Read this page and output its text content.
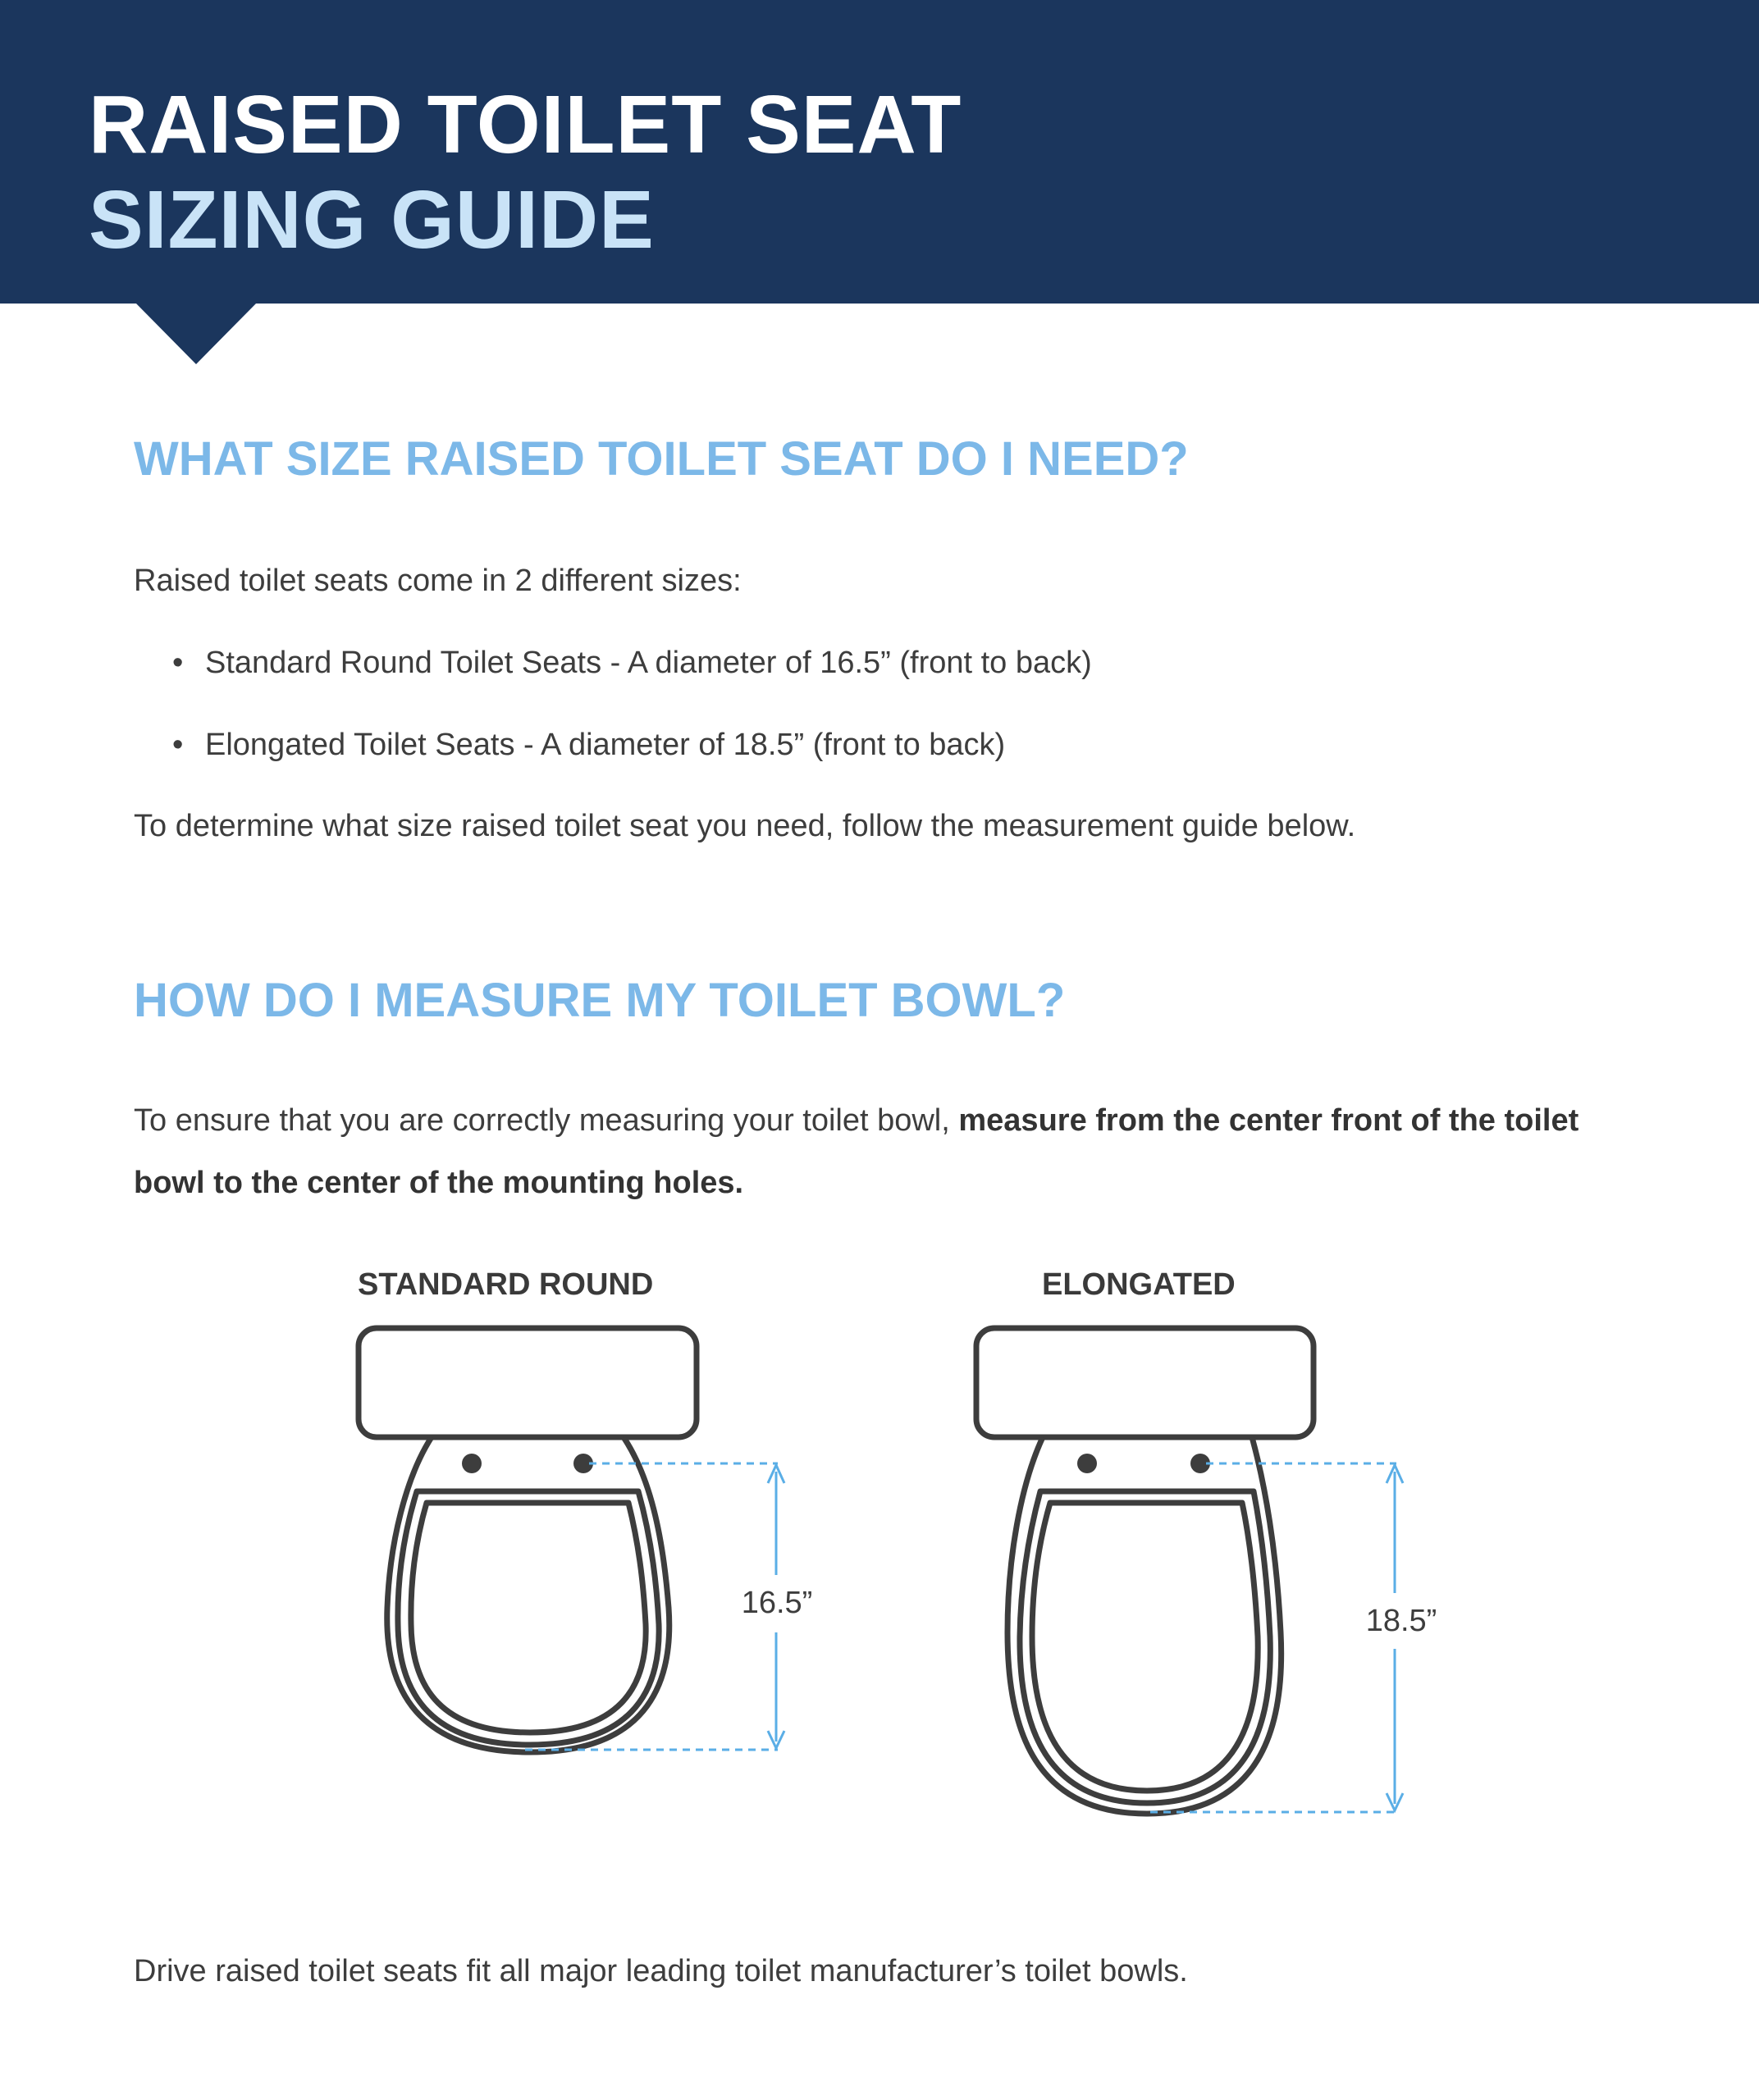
RAISED TOILET SEAT
SIZING GUIDE
WHAT SIZE RAISED TOILET SEAT DO I NEED?
Raised toilet seats come in 2 different sizes:
• Standard Round Toilet Seats - A diameter of 16.5” (front to back)
• Elongated Toilet Seats - A diameter of 18.5” (front to back)
To determine what size raised toilet seat you need, follow the measurement guide below.
HOW DO I MEASURE MY TOILET BOWL?
To ensure that you are correctly measuring your toilet bowl, measure from the center front of the toilet bowl to the center of the mounting holes.
STANDARD ROUND	ELONGATED
16.5”
18.5”
Drive raised toilet seats fit all major leading toilet manufacturer’s toilet bowls.
